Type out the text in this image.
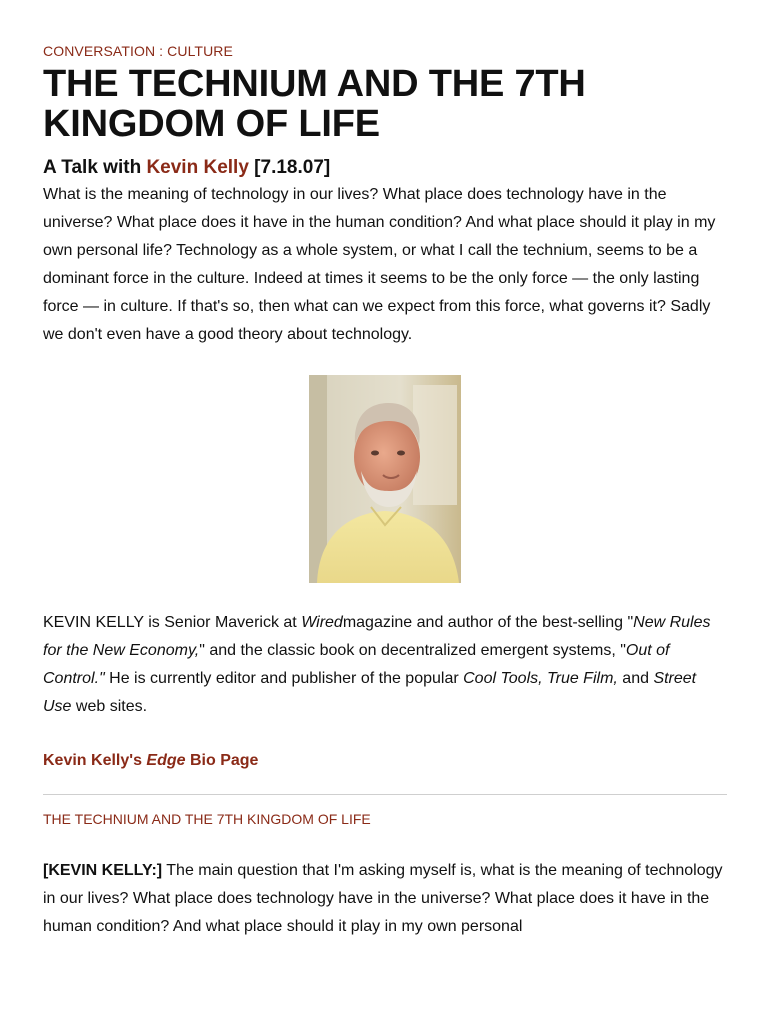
CONVERSATION : CULTURE
THE TECHNIUM AND THE 7TH KINGDOM OF LIFE
A Talk with Kevin Kelly [7.18.07]

What is the meaning of technology in our lives? What place does technology have in the universe? What place does it have in the human condition? And what place should it play in my own personal life? Technology as a whole system, or what I call the technium, seems to be a dominant force in the culture. Indeed at times it seems to be the only force — the only lasting force — in culture. If that's so, then what can we expect from this force, what governs it? Sadly we don't even have a good theory about technology.

KEVIN KELLY is Senior Maverick at Wiredmagazine and author of the best-selling "New Rules for the New Economy," and the classic book on decentralized emergent systems, "Out of Control." He is currently editor and publisher of the popular Cool Tools, True Film, and Street Use web sites.

Kevin Kelly's Edge Bio Page
THE TECHNIUM AND THE 7TH KINGDOM OF LIFE

[KEVIN KELLY:] The main question that I'm asking myself is, what is the meaning of technology in our lives? What place does technology have in the universe? What place does it have in the human condition? And what place should it play in my own personal
